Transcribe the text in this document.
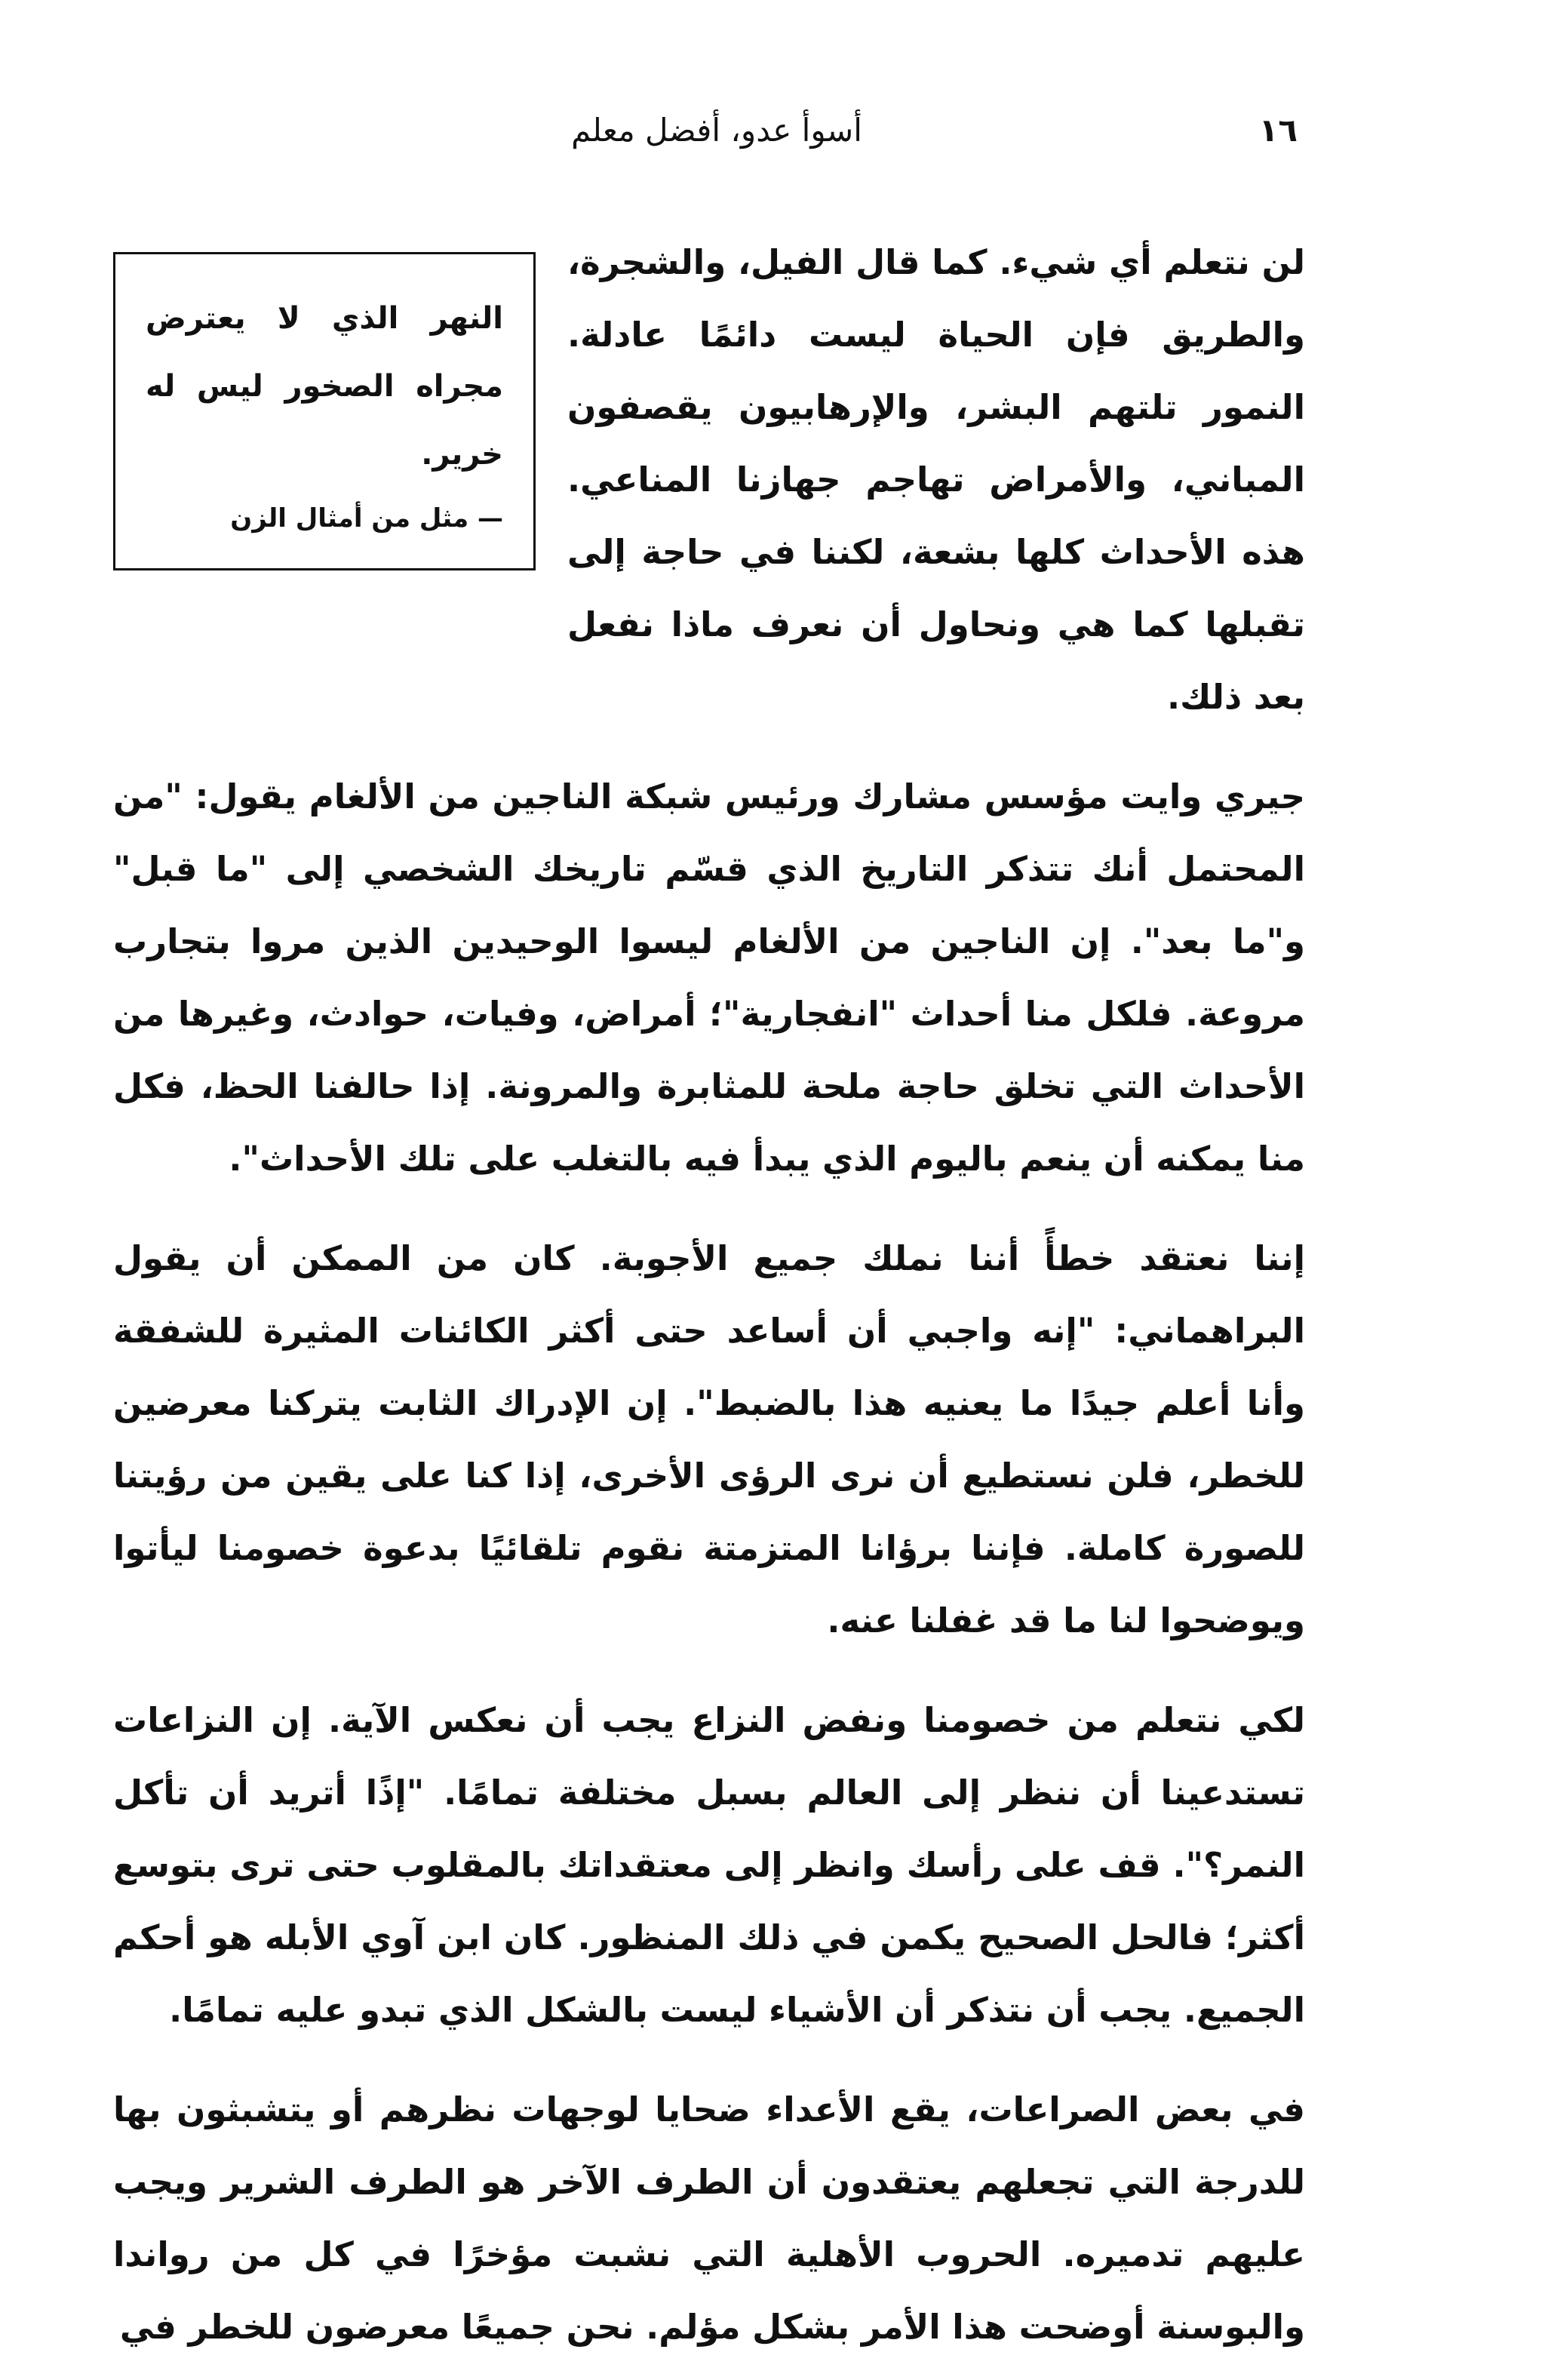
١٦
أسوأ عدو، أفضل معلم
النهر الذي لا يعترض مجراه الصخور ليس له خرير.
— مثل من أمثال الزن

لن نتعلم أي شيء. كما قال الفيل، والشجرة، والطريق فإن الحياة ليست دائمًا عادلة. النمور تلتهم البشر، والإرهابيون يقصفون المباني، والأمراض تهاجم جهازنا المناعي. هذه الأحداث كلها بشعة، لكننا في حاجة إلى تقبلها كما هي ونحاول أن نعرف ماذا نفعل بعد ذلك.

جيري وايت مؤسس مشارك ورئيس شبكة الناجين من الألغام يقول: "من المحتمل أنك تتذكر التاريخ الذي قسّم تاريخك الشخصي إلى "ما قبل" و"ما بعد". إن الناجين من الألغام ليسوا الوحيدين الذين مروا بتجارب مروعة. فلكل منا أحداث "انفجارية"؛ أمراض، وفيات، حوادث، وغيرها من الأحداث التي تخلق حاجة ملحة للمثابرة والمرونة. إذا حالفنا الحظ، فكل منا يمكنه أن ينعم باليوم الذي يبدأ فيه بالتغلب على تلك الأحداث".

إننا نعتقد خطأً أننا نملك جميع الأجوبة. كان من الممكن أن يقول البراهماني: "إنه واجبي أن أساعد حتى أكثر الكائنات المثيرة للشفقة وأنا أعلم جيدًا ما يعنيه هذا بالضبط". إن الإدراك الثابت يتركنا معرضين للخطر، فلن نستطيع أن نرى الرؤى الأخرى، إذا كنا على يقين من رؤيتنا للصورة كاملة. فإننا برؤانا المتزمتة نقوم تلقائيًا بدعوة خصومنا ليأتوا ويوضحوا لنا ما قد غفلنا عنه.

لكي نتعلم من خصومنا ونفض النزاع يجب أن نعكس الآية. إن النزاعات تستدعينا أن ننظر إلى العالم بسبل مختلفة تمامًا. "إذًا أتريد أن تأكل النمر؟". قف على رأسك وانظر إلى معتقداتك بالمقلوب حتى ترى بتوسع أكثر؛ فالحل الصحيح يكمن في ذلك المنظور. كان ابن آوي الأبله هو أحكم الجميع. يجب أن نتذكر أن الأشياء ليست بالشكل الذي تبدو عليه تمامًا.

في بعض الصراعات، يقع الأعداء ضحايا لوجهات نظرهم أو يتشبثون بها للدرجة التي تجعلهم يعتقدون أن الطرف الآخر هو الطرف الشرير ويجب عليهم تدميره. الحروب الأهلية التي نشبت مؤخرًا في كل من رواندا والبوسنة أوضحت هذا الأمر بشكل مؤلم. نحن جميعًا معرضون للخطر في
